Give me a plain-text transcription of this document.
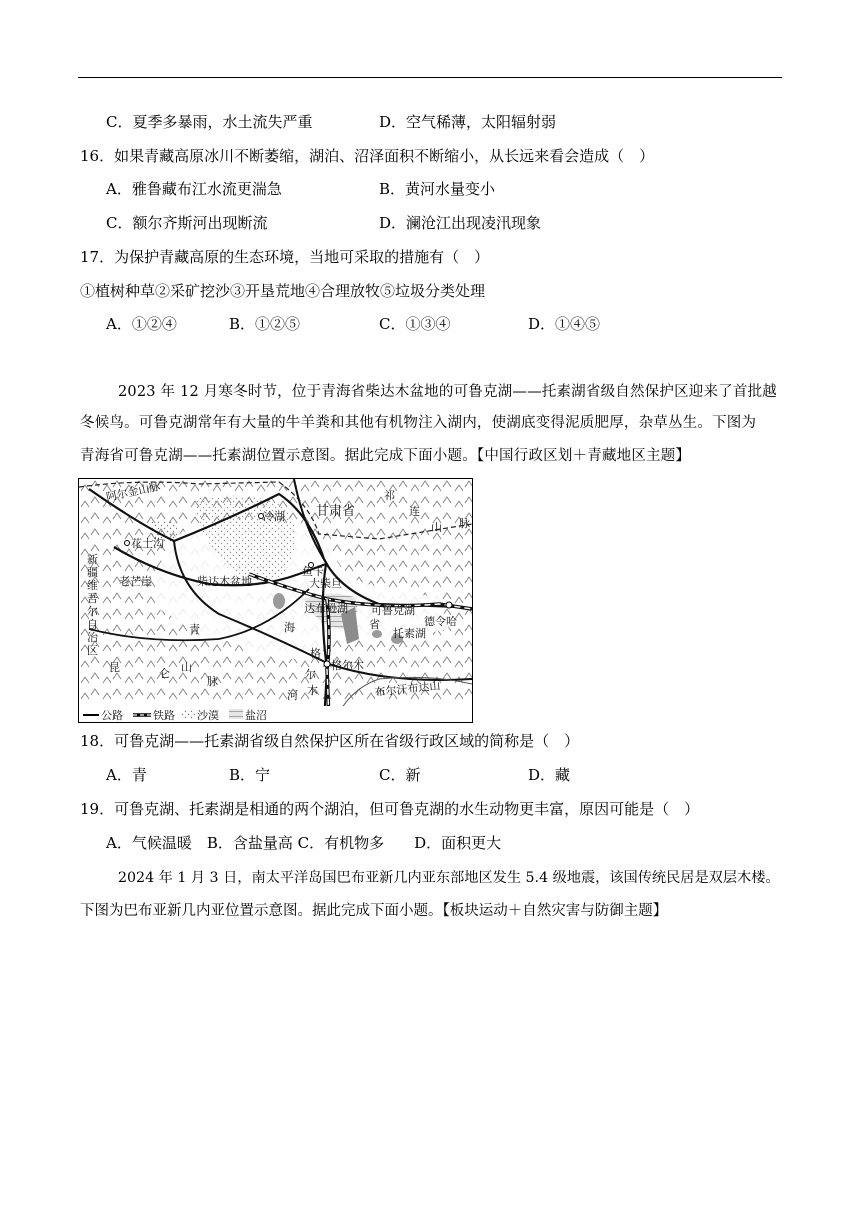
C．夏季多暴雨，水土流失严重	D．空气稀薄，太阳辐射弱
16．如果青藏高原冰川不断萎缩，湖泊、沼泽面积不断缩小，从长远来看会造成（　）
A．雅鲁藏布江水流更湍急	B．黄河水量变小
C．额尔齐斯河出现断流	D．澜沧江出现凌汛现象
17．为保护青藏高原的生态环境，当地可采取的措施有（　）
①植树种草②采矿挖沙③开垦荒地④合理放牧⑤垃圾分类处理
A．①②④	B．①②⑤	C．①③④	D．①④⑤
2023 年 12 月寒冬时节，位于青海省柴达木盆地的可鲁克湖——托素湖省级自然保护区迎来了首批越
冬候鸟。可鲁克湖常年有大量的牛羊粪和其他有机物注入湖内，使湖底变得泥质肥厚，杂草丛生。下图为
青海省可鲁克湖——托素湖位置示意图。据此完成下面小题。【中国行政区划＋青藏地区主题】
阿尔金山脉
冷湖 甘肃省
祁
连
山 脉
花土沟
新
疆
维
吾
尔
自
治
区
老芒崖	柴达木盆地
鱼卡
大柴旦
德令哈
达布逊湖 可鲁克湖
托素湖
海	省
青
昆	仑 山
脉
格
尔
木
河
格尔木
布尔汗布达山
公路	铁路 沙漠 盐沼
18．可鲁克湖——托素湖省级自然保护区所在省级行政区域的简称是（　）
A．青	B．宁	C．新	D．藏
19．可鲁克湖、托素湖是相通的两个湖泊，但可鲁克湖的水生动物更丰富，原因可能是（　）
A．气候温暖　B．含盐量高 C．有机物多　　D．面积更大
2024 年 1 月 3 日，南太平洋岛国巴布亚新几内亚东部地区发生 5.4 级地震，该国传统民居是双层木楼。
下图为巴布亚新几内亚位置示意图。据此完成下面小题。【板块运动＋自然灾害与防御主题】
